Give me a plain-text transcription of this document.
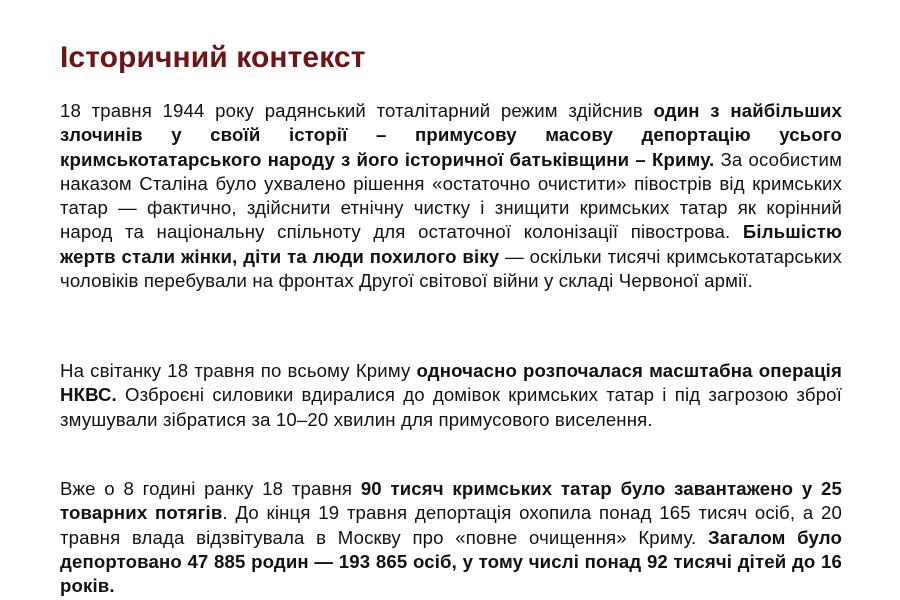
Історичний контекст

18 травня 1944 року радянський тоталітарний режим здійснив один з найбільших злочинів у своїй історії – примусову масову депортацію усього кримськотатарського народу з його історичної батьківщини – Криму. За особистим наказом Сталіна було ухвалено рішення «остаточно очистити» півострів від кримських татар — фактично, здійснити етнічну чистку і знищити кримських татар як корінний народ та національну спільноту для остаточної колонізації півострова. Більшістю жертв стали жінки, діти та люди похилого віку — оскільки тисячі кримськотатарських чоловіків перебували на фронтах Другої світової війни у складі Червоної армії.

На світанку 18 травня по всьому Криму одночасно розпочалася масштабна операція НКВС. Озброєні силовики вдиралися до домівок кримських татар і під загрозою зброї змушували зібратися за 10–20 хвилин для примусового виселення.

Вже о 8 годині ранку 18 травня 90 тисяч кримських татар було завантажено у 25 товарних потягів. До кінця 19 травня депортація охопила понад 165 тисяч осіб, а 20 травня влада відзвітувала в Москву про «повне очищення» Криму. Загалом було депортовано 47 885 родин — 193 865 осіб, у тому числі понад 92 тисячі дітей до 16 років.
